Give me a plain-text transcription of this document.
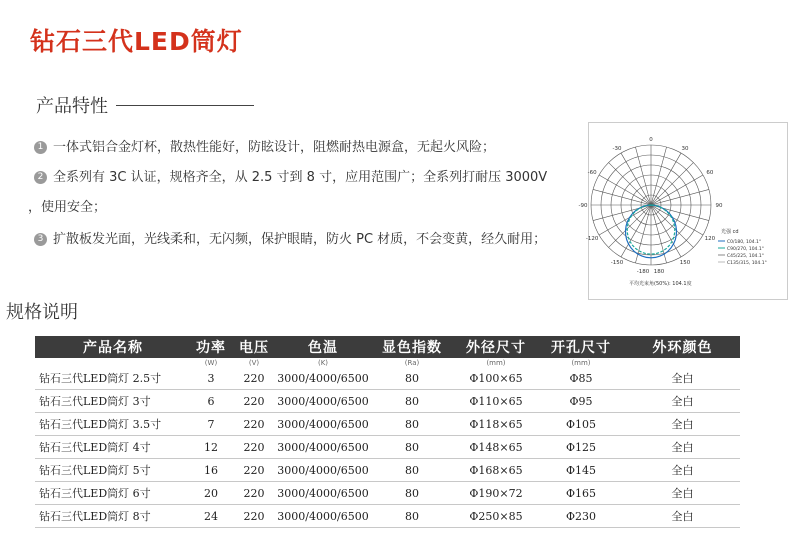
钻石三代LED筒灯
产品特性
1 一体式铝合金灯杯，散热性能好，防眩设计，阻燃耐热电源盒，无起火风险；
2 全系列有 3C 认证，规格齐全，从 2.5 寸到 8 寸，应用范围广；全系列打耐压 3000V
，使用安全；
3 扩散板发光面，光线柔和，无闪频，保护眼睛，防火 PC 材质，不会变黄，经久耐用；
-180 180
-150	150
-120	120
-90	90
-60	60
-30	30
0
光强 cd
C0/180, 104.1°
C90/270, 104.1°
C45/225, 104.1°
C135/315, 104.1°
平均光束角(50%): 104.1度
规格说明
产品名称	功率	电压	色温	显色指数	外径尺寸	开孔尺寸	外环颜色
	(W)	(V)	(K)	(Ra)	(mm)	(mm)	
钻石三代LED筒灯 2.5寸	3	220	3000/4000/6500	80	Φ100×65	Φ85	全白
钻石三代LED筒灯 3寸	6	220	3000/4000/6500	80	Φ110×65	Φ95	全白
钻石三代LED筒灯 3.5寸	7	220	3000/4000/6500	80	Φ118×65	Φ105	全白
钻石三代LED筒灯 4寸	12	220	3000/4000/6500	80	Φ148×65	Φ125	全白
钻石三代LED筒灯 5寸	16	220	3000/4000/6500	80	Φ168×65	Φ145	全白
钻石三代LED筒灯 6寸	20	220	3000/4000/6500	80	Φ190×72	Φ165	全白
钻石三代LED筒灯 8寸	24	220	3000/4000/6500	80	Φ250×85	Φ230	全白
